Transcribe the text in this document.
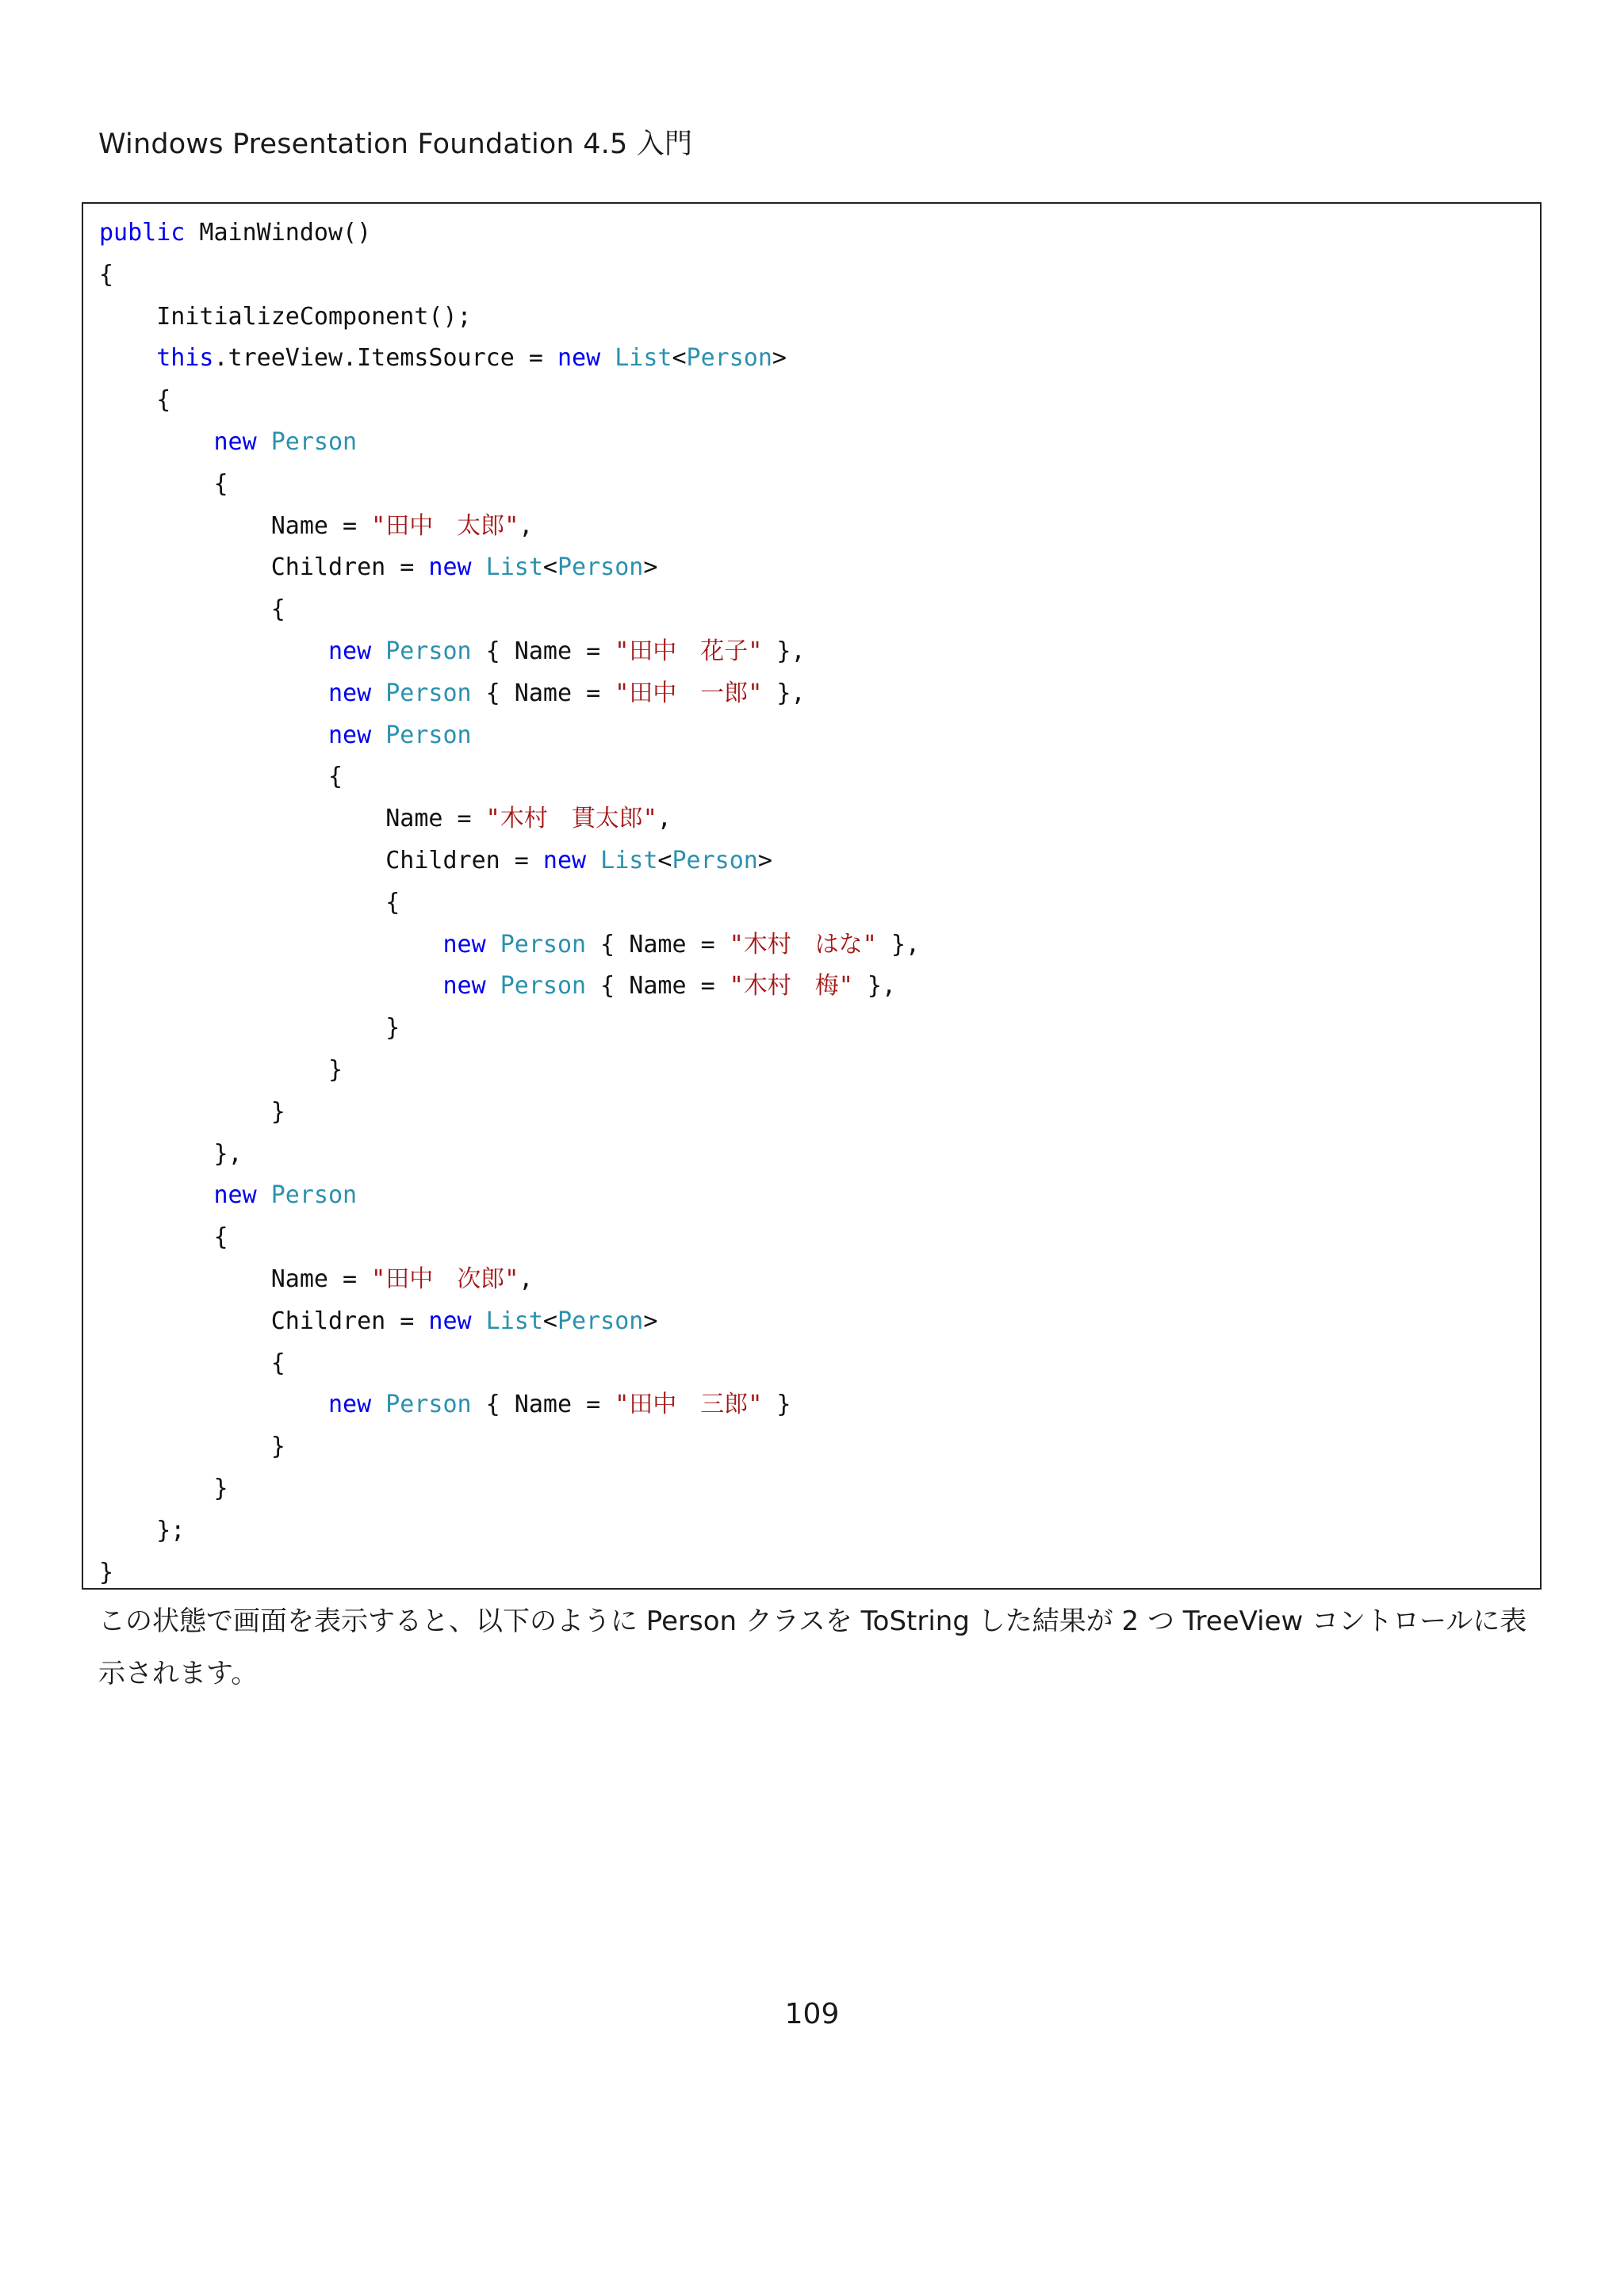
Windows Presentation Foundation 4.5 入門
public MainWindow()
{
InitializeComponent();
this.treeView.ItemsSource = new List<Person>
{
new Person
{
Name = "田中　太郎",
Children = new List<Person>
{
new Person { Name = "田中　花子" },
new Person { Name = "田中　一郎" },
new Person
{
Name = "木村　貫太郎",
Children = new List<Person>
{
new Person { Name = "木村　はな" },
new Person { Name = "木村　梅" },
}
}
}
},
new Person
{
Name = "田中　次郎",
Children = new List<Person>
{
new Person { Name = "田中　三郎" }
}
}
};
}

この状態で画面を表示すると、以下のように Person クラスを ToString した結果が 2 つ TreeView コントロールに表示されます。

109
